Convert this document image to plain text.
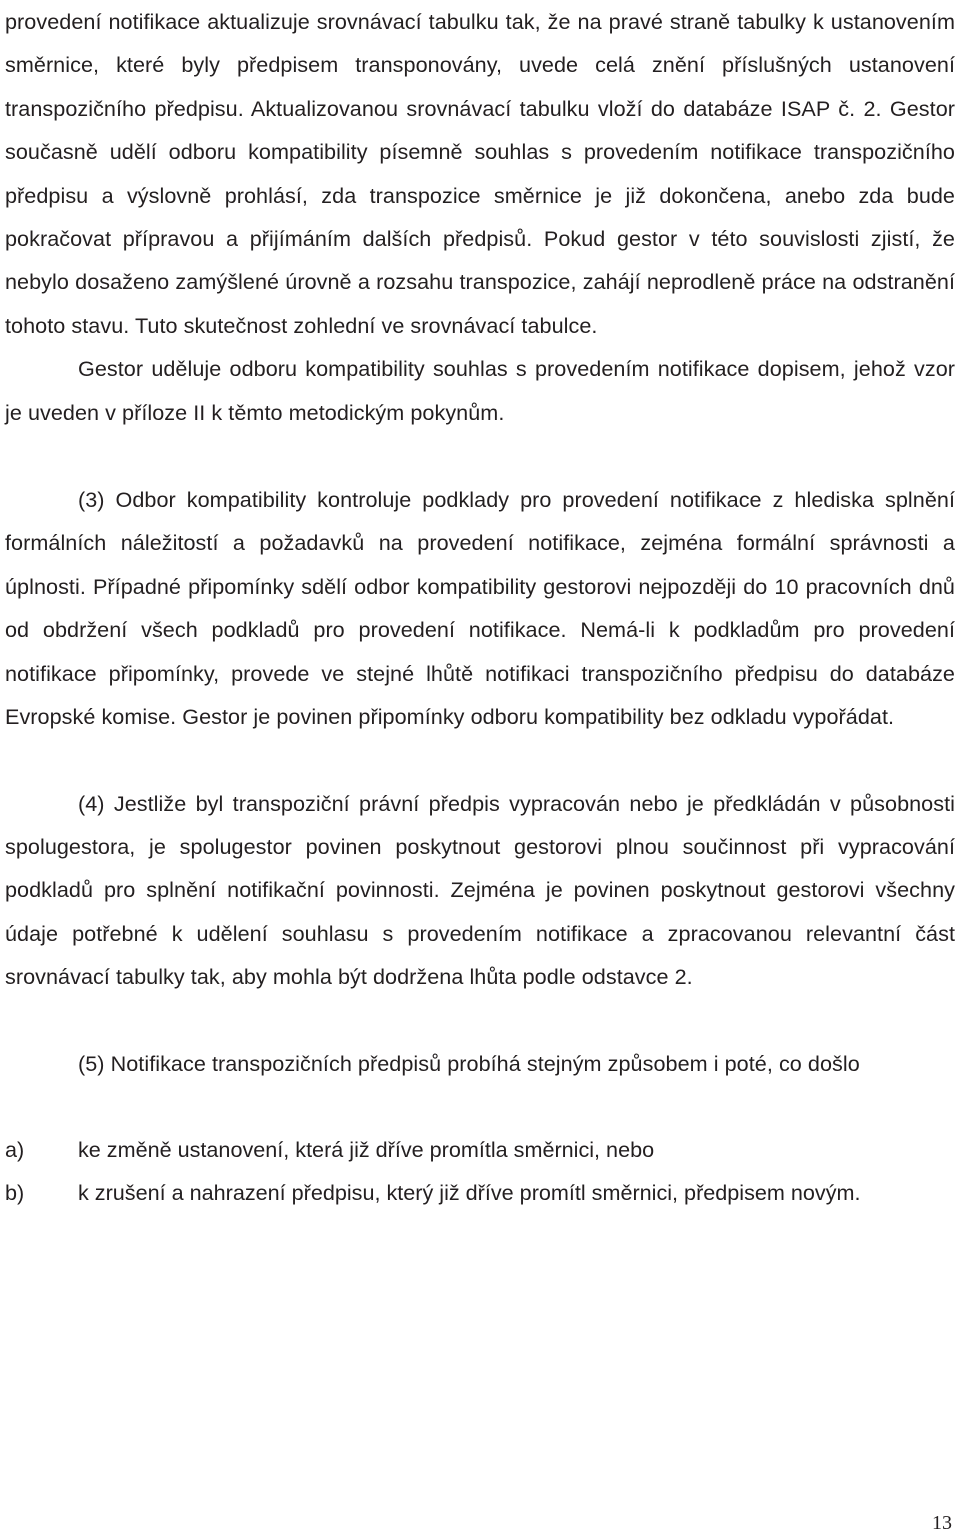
provedení notifikace aktualizuje srovnávací tabulku tak, že na pravé straně tabulky k ustanovením směrnice, které byly předpisem transponovány, uvede celá znění příslušných ustanovení transpozičního předpisu. Aktualizovanou srovnávací tabulku vloží do databáze ISAP č. 2. Gestor současně udělí odboru kompatibility písemně souhlas s provedením notifikace transpozičního předpisu a výslovně prohlásí, zda transpozice směrnice je již dokončena, anebo zda bude pokračovat přípravou a přijímáním dalších předpisů. Pokud gestor v této souvislosti zjistí, že nebylo dosaženo zamýšlené úrovně a rozsahu transpozice, zahájí neprodleně práce na odstranění tohoto stavu. Tuto skutečnost zohlední ve srovnávací tabulce.

Gestor uděluje odboru kompatibility souhlas s provedením notifikace dopisem, jehož vzor je uveden v příloze II k těmto metodickým pokynům.

(3) Odbor kompatibility kontroluje podklady pro provedení notifikace z hlediska splnění formálních náležitostí a požadavků na provedení notifikace, zejména formální správnosti a úplnosti. Případné připomínky sdělí odbor kompatibility gestorovi nejpozději do 10 pracovních dnů od obdržení všech podkladů pro provedení notifikace. Nemá-li k podkladům pro provedení notifikace připomínky, provede ve stejné lhůtě notifikaci transpozičního předpisu do databáze Evropské komise. Gestor je povinen připomínky odboru kompatibility bez odkladu vypořádat.

(4) Jestliže byl transpoziční právní předpis vypracován nebo je předkládán v působnosti spolugestora, je spolugestor povinen poskytnout gestorovi plnou součinnost při vypracování podkladů pro splnění notifikační povinnosti. Zejména je povinen poskytnout gestorovi všechny údaje potřebné k udělení souhlasu s provedením notifikace a zpracovanou relevantní část srovnávací tabulky tak, aby mohla být dodržena lhůta podle odstavce 2.

(5) Notifikace transpozičních předpisů probíhá stejným způsobem i poté, co došlo

a)	ke změně ustanovení, která již dříve promítla směrnici, nebo
b)	k zrušení a nahrazení předpisu, který již dříve promítl směrnici, předpisem novým.
13
